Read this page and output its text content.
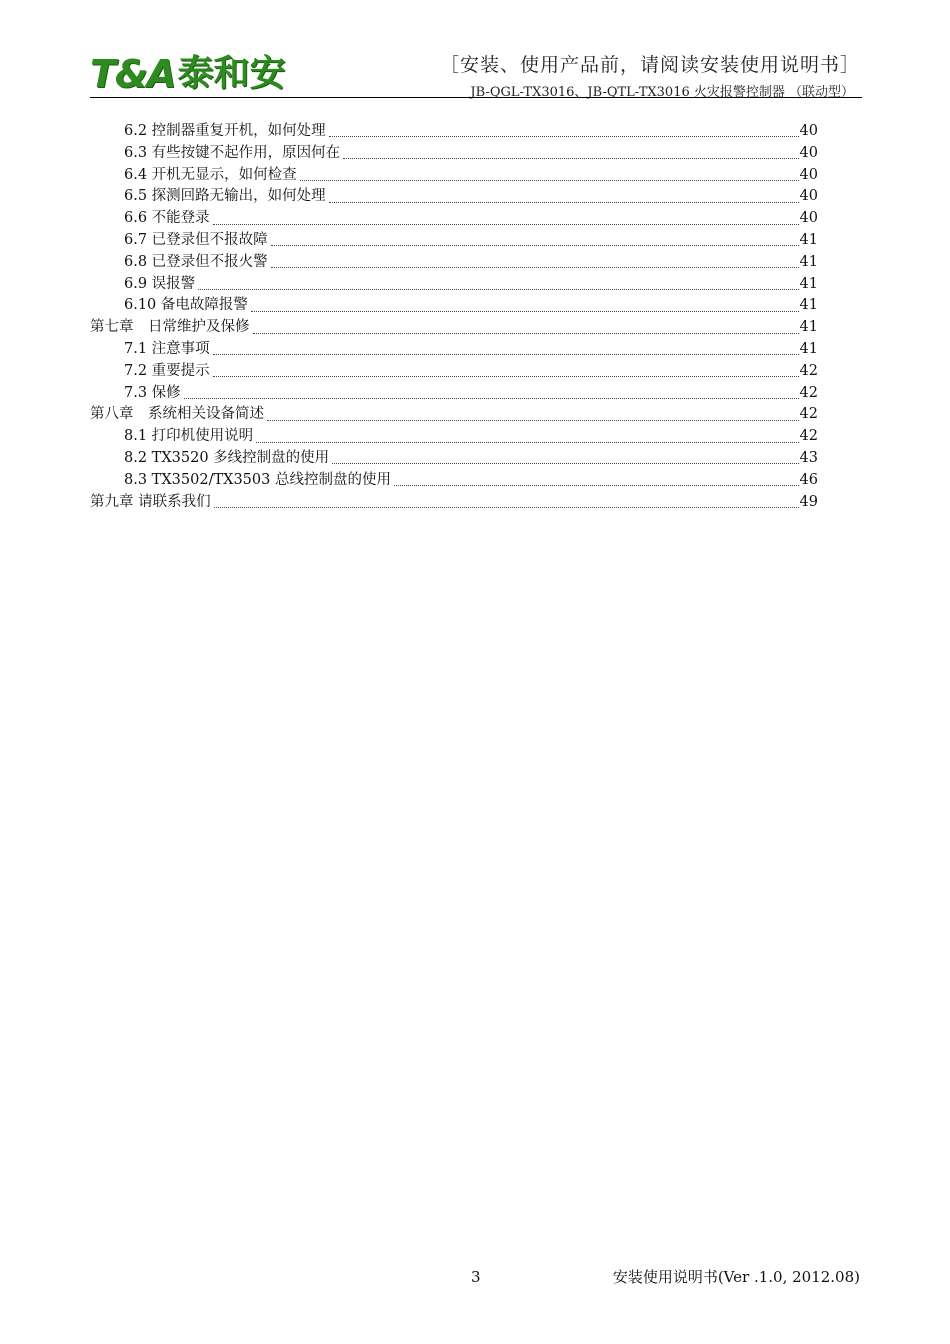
T&A 泰和安	［安装、使用产品前，请阅读安装使用说明书］
JB-QGL-TX3016、JB-QTL-TX3016 火灾报警控制器 （联动型）
6.2 控制器重复开机，如何处理	40
6.3 有些按键不起作用，原因何在	40
6.4 开机无显示，如何检查	40
6.5 探测回路无输出，如何处理	40
6.6 不能登录	40
6.7 已登录但不报故障	41
6.8 已登录但不报火警	41
6.9 误报警	41
6.10 备电故障报警	41
第七章　日常维护及保修	41
7.1 注意事项	41
7.2 重要提示	42
7.3 保修	42
第八章　系统相关设备简述	42
8.1 打印机使用说明	42
8.2 TX3520 多线控制盘的使用	43
8.3 TX3502/TX3503 总线控制盘的使用	46
第九章 请联系我们	49
3	安装使用说明书(Ver .1.0, 2012.08)
